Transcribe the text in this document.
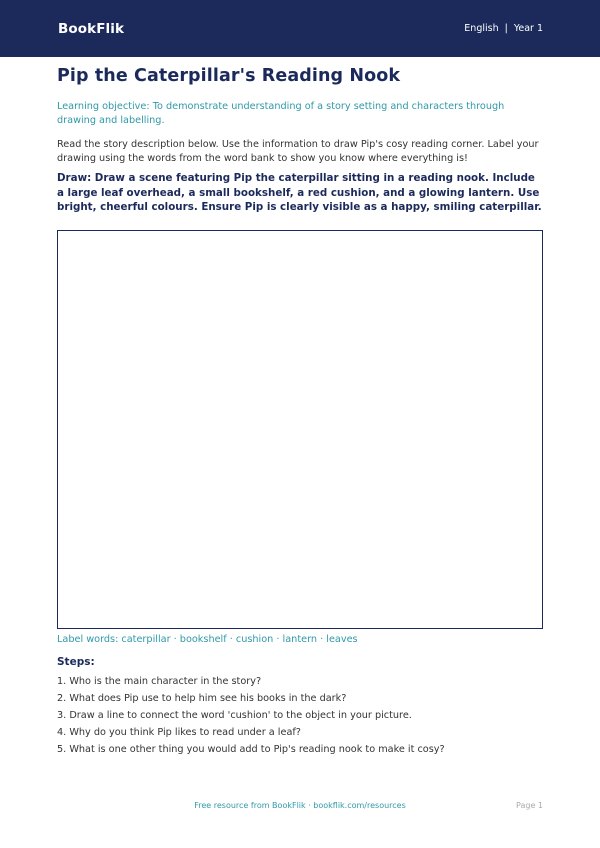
BookFlik	English | Year 1
Pip the Caterpillar's Reading Nook

Learning objective: To demonstrate understanding of a story setting and characters through drawing and labelling.

Read the story description below. Use the information to draw Pip's cosy reading corner. Label your drawing using the words from the word bank to show you know where everything is!

Draw: Draw a scene featuring Pip the caterpillar sitting in a reading nook. Include a large leaf overhead, a small bookshelf, a red cushion, and a glowing lantern. Use bright, cheerful colours. Ensure Pip is clearly visible as a happy, smiling caterpillar.

Label words: caterpillar · bookshelf · cushion · lantern · leaves

Steps:
1. Who is the main character in the story?
2. What does Pip use to help him see his books in the dark?
3. Draw a line to connect the word 'cushion' to the object in your picture.
4. Why do you think Pip likes to read under a leaf?
5. What is one other thing you would add to Pip's reading nook to make it cosy?
Free resource from BookFlik · bookflik.com/resources	Page 1
